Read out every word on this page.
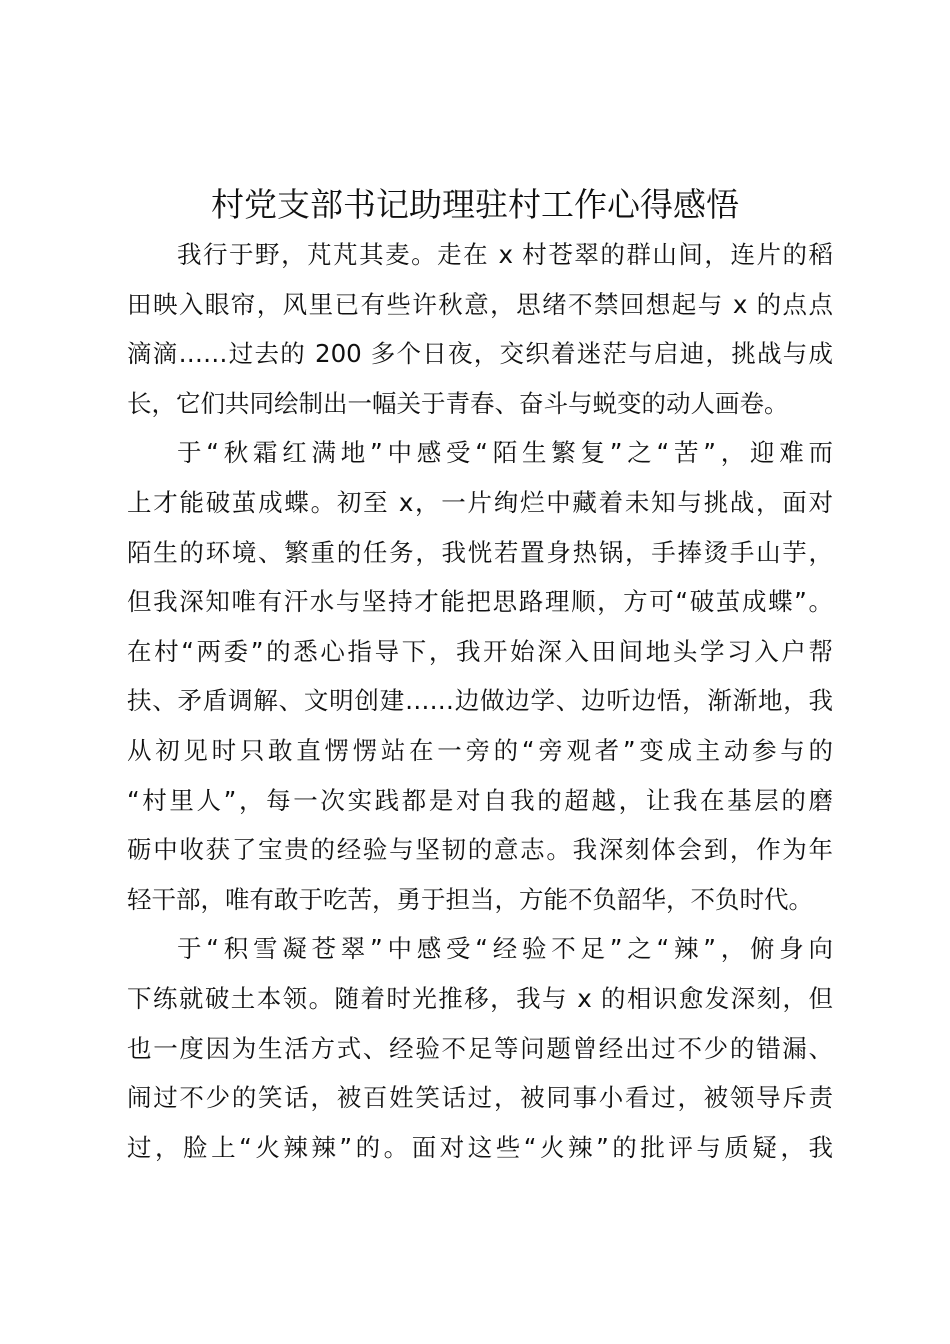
村党支部书记助理驻村工作心得感悟
我行于野，芃芃其麦。走在 x 村苍翠的群山间，连片的稻
田映入眼帘，风里已有些许秋意，思绪不禁回想起与 x 的点点
滴滴……过去的 200 多个日夜，交织着迷茫与启迪，挑战与成
长，它们共同绘制出一幅关于青春、奋斗与蜕变的动人画卷。
于“秋霜红满地”中感受“陌生繁复”之“苦”，迎难而
上才能破茧成蝶。初至 x，一片绚烂中藏着未知与挑战，面对
陌生的环境、繁重的任务，我恍若置身热锅，手捧烫手山芋，
但我深知唯有汗水与坚持才能把思路理顺，方可“破茧成蝶”。
在村“两委”的悉心指导下，我开始深入田间地头学习入户帮
扶、矛盾调解、文明创建……边做边学、边听边悟，渐渐地，我
从初见时只敢直愣愣站在一旁的“旁观者”变成主动参与的
“村里人”，每一次实践都是对自我的超越，让我在基层的磨
砺中收获了宝贵的经验与坚韧的意志。我深刻体会到，作为年
轻干部，唯有敢于吃苦，勇于担当，方能不负韶华，不负时代。
于“积雪凝苍翠”中感受“经验不足”之“辣”，俯身向
下练就破土本领。随着时光推移，我与 x 的相识愈发深刻，但
也一度因为生活方式、经验不足等问题曾经出过不少的错漏、
闹过不少的笑话，被百姓笑话过，被同事小看过，被领导斥责
过，脸上“火辣辣”的。面对这些“火辣”的批评与质疑，我
